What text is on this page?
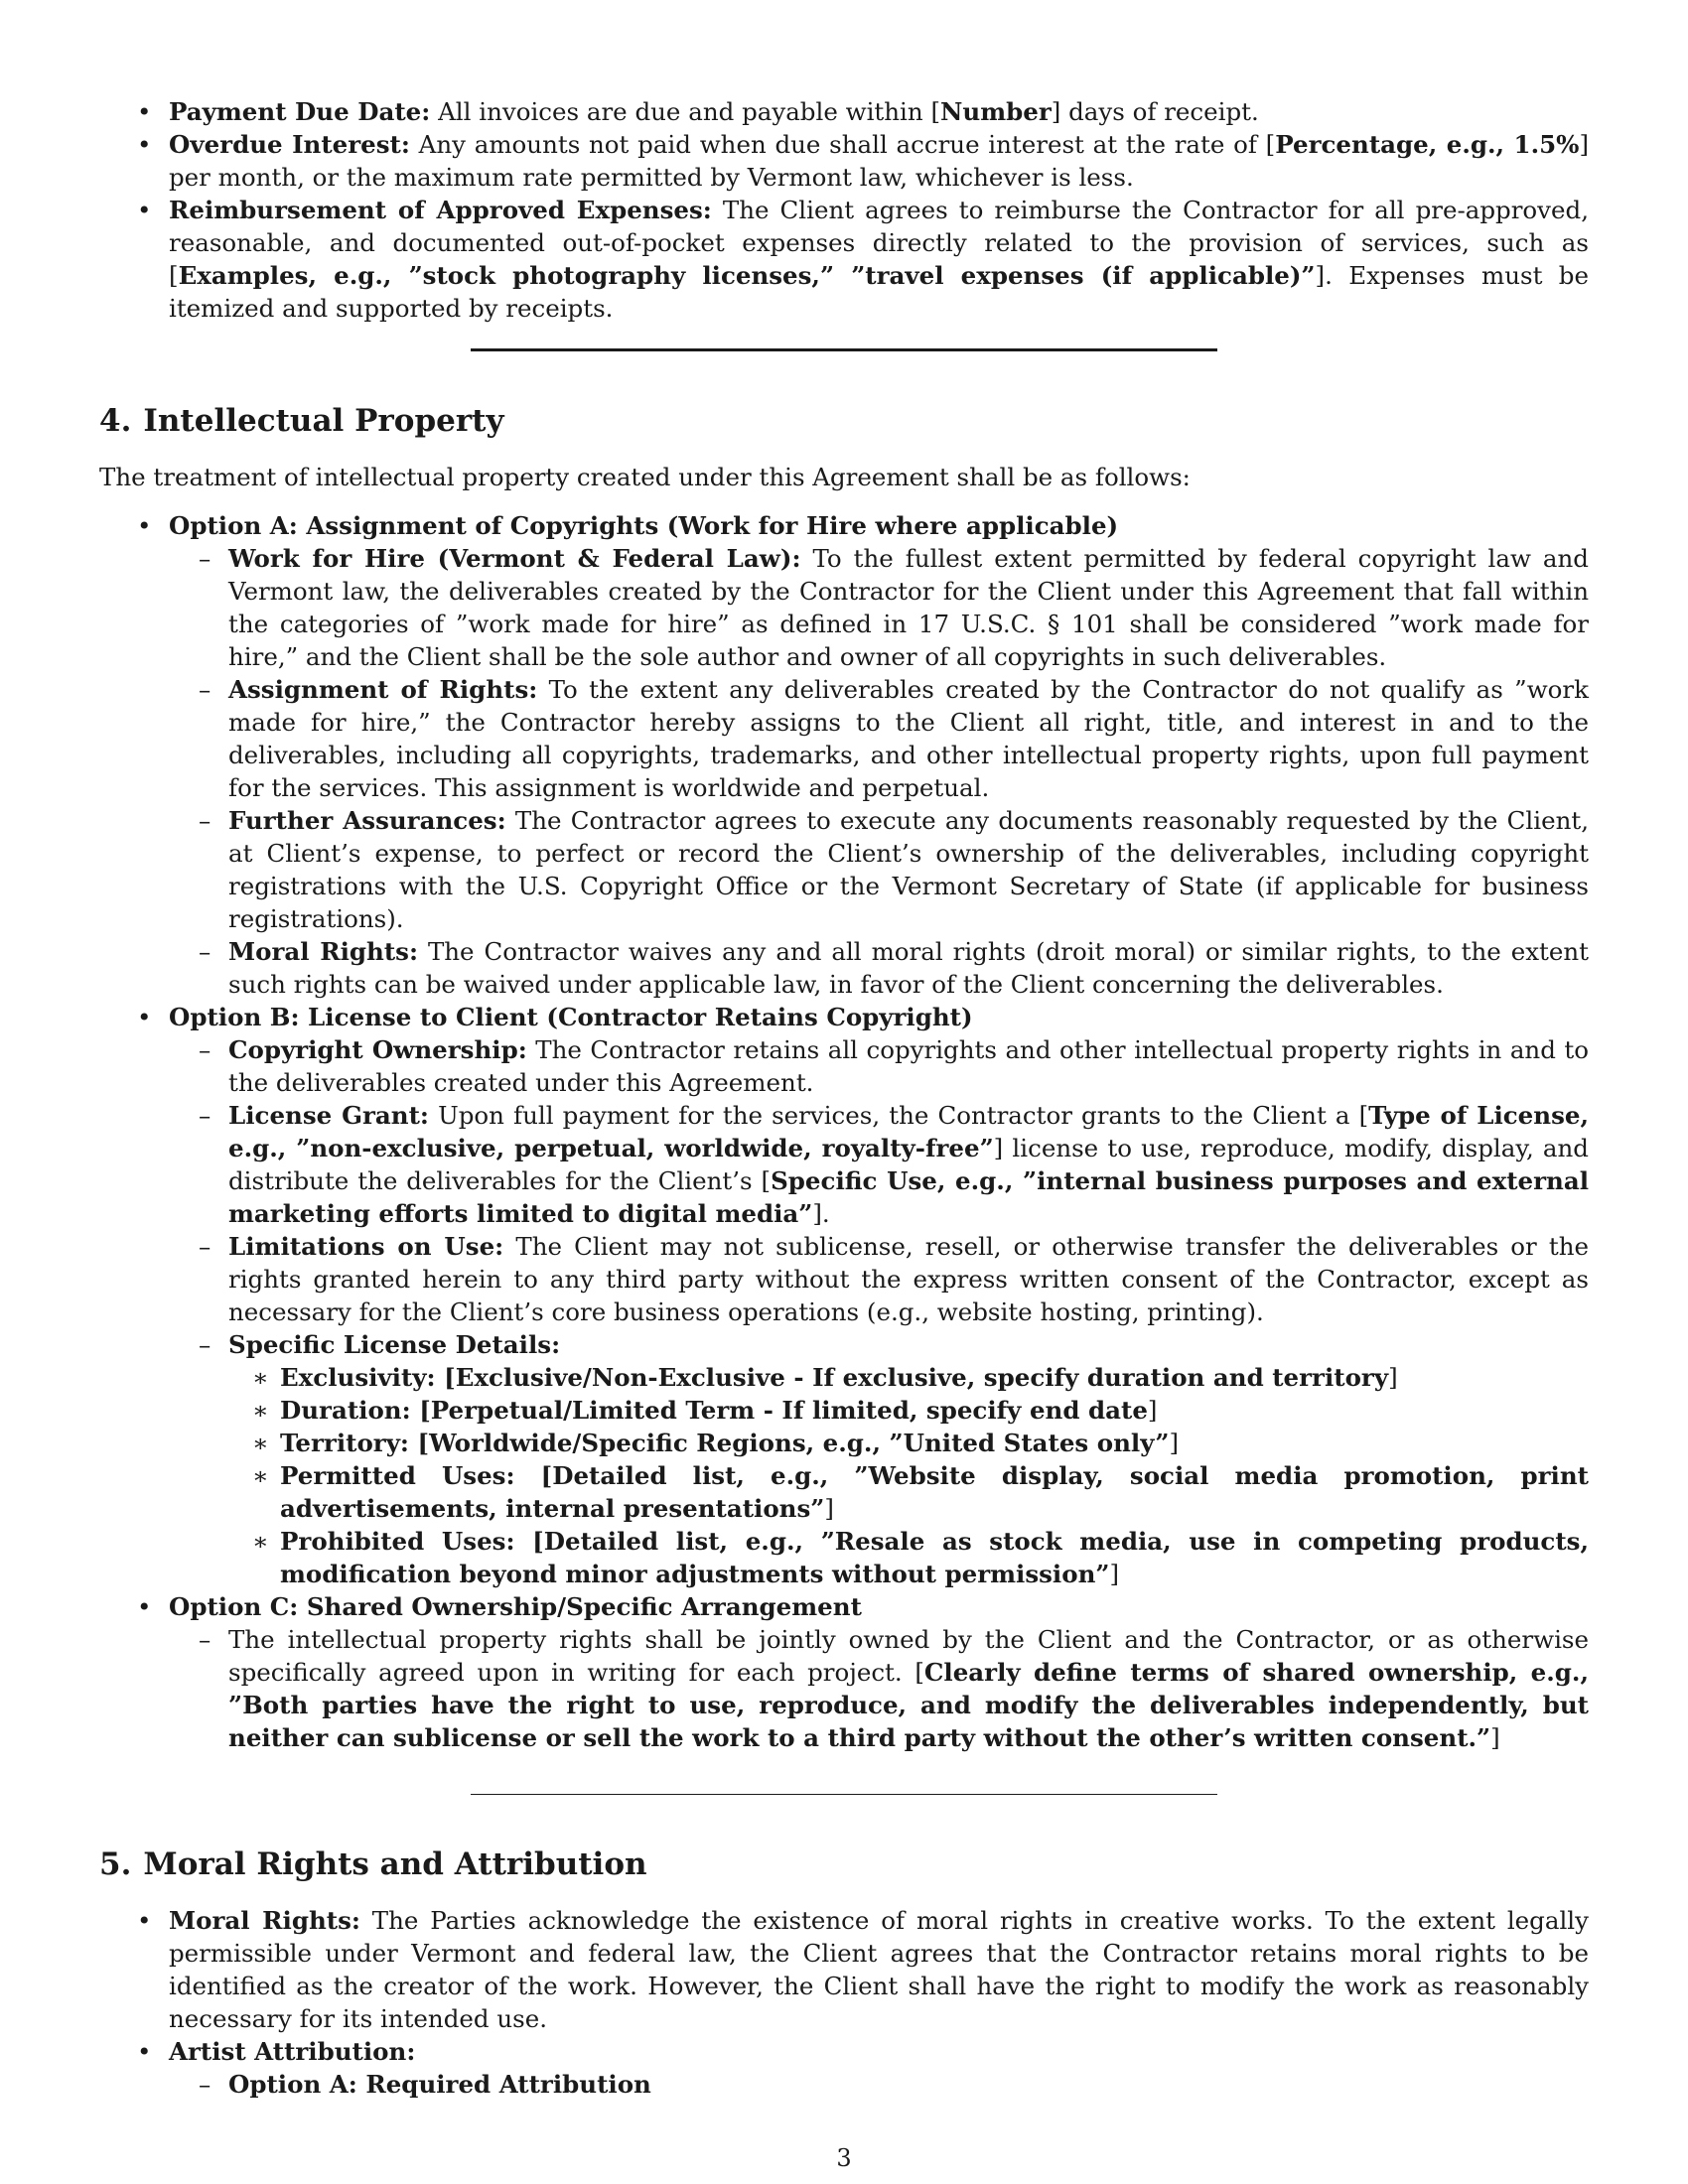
• Payment Due Date: All invoices are due and payable within [Number] days of receipt.
• Overdue Interest: Any amounts not paid when due shall accrue interest at the rate of [Percentage, e.g., 1.5%] per month, or the maximum rate permitted by Vermont law, whichever is less.
• Reimbursement of Approved Expenses: The Client agrees to reimburse the Contractor for all pre-approved, reasonable, and documented out-of-pocket expenses directly related to the provision of services, such as [Examples, e.g., ”stock photography licenses,” ”travel expenses (if applicable)”]. Expenses must be itemized and supported by receipts.
4. Intellectual Property

The treatment of intellectual property created under this Agreement shall be as follows:

• Option A: Assignment of Copyrights (Work for Hire where applicable)
– Work for Hire (Vermont & Federal Law): To the fullest extent permitted by federal copyright law and Vermont law, the deliverables created by the Contractor for the Client under this Agreement that fall within the categories of ”work made for hire” as defined in 17 U.S.C. § 101 shall be considered ”work made for hire,” and the Client shall be the sole author and owner of all copyrights in such deliverables.
– Assignment of Rights: To the extent any deliverables created by the Contractor do not qualify as ”work made for hire,” the Contractor hereby assigns to the Client all right, title, and interest in and to the deliverables, including all copyrights, trademarks, and other intellectual property rights, upon full payment for the services. This assignment is worldwide and perpetual.
– Further Assurances: The Contractor agrees to execute any documents reasonably requested by the Client, at Client’s expense, to perfect or record the Client’s ownership of the deliverables, including copyright registrations with the U.S. Copyright Office or the Vermont Secretary of State (if applicable for business registrations).
– Moral Rights: The Contractor waives any and all moral rights (droit moral) or similar rights, to the extent such rights can be waived under applicable law, in favor of the Client concerning the deliverables.
• Option B: License to Client (Contractor Retains Copyright)
– Copyright Ownership: The Contractor retains all copyrights and other intellectual property rights in and to the deliverables created under this Agreement.
– License Grant: Upon full payment for the services, the Contractor grants to the Client a [Type of License, e.g., ”non-exclusive, perpetual, worldwide, royalty-free”] license to use, reproduce, modify, display, and distribute the deliverables for the Client’s [Specific Use, e.g., ”internal business purposes and external marketing efforts limited to digital media”].
– Limitations on Use: The Client may not sublicense, resell, or otherwise transfer the deliverables or the rights granted herein to any third party without the express written consent of the Contractor, except as necessary for the Client’s core business operations (e.g., website hosting, printing).
– Specific License Details:
∗ Exclusivity: [Exclusive/Non-Exclusive - If exclusive, specify duration and territory]
∗ Duration: [Perpetual/Limited Term - If limited, specify end date]
∗ Territory: [Worldwide/Specific Regions, e.g., ”United States only”]
∗ Permitted Uses: [Detailed list, e.g., ”Website display, social media promotion, print advertisements, internal presentations”]
∗ Prohibited Uses: [Detailed list, e.g., ”Resale as stock media, use in competing products, modification beyond minor adjustments without permission”]
• Option C: Shared Ownership/Specific Arrangement
– The intellectual property rights shall be jointly owned by the Client and the Contractor, or as otherwise specifically agreed upon in writing for each project. [Clearly define terms of shared ownership, e.g., ”Both parties have the right to use, reproduce, and modify the deliverables independently, but neither can sublicense or sell the work to a third party without the other’s written consent.”]
5. Moral Rights and Attribution
• Moral Rights: The Parties acknowledge the existence of moral rights in creative works. To the extent legally permissible under Vermont and federal law, the Client agrees that the Contractor retains moral rights to be identified as the creator of the work. However, the Client shall have the right to modify the work as reasonably necessary for its intended use.
• Artist Attribution:
– Option A: Required Attribution
3
